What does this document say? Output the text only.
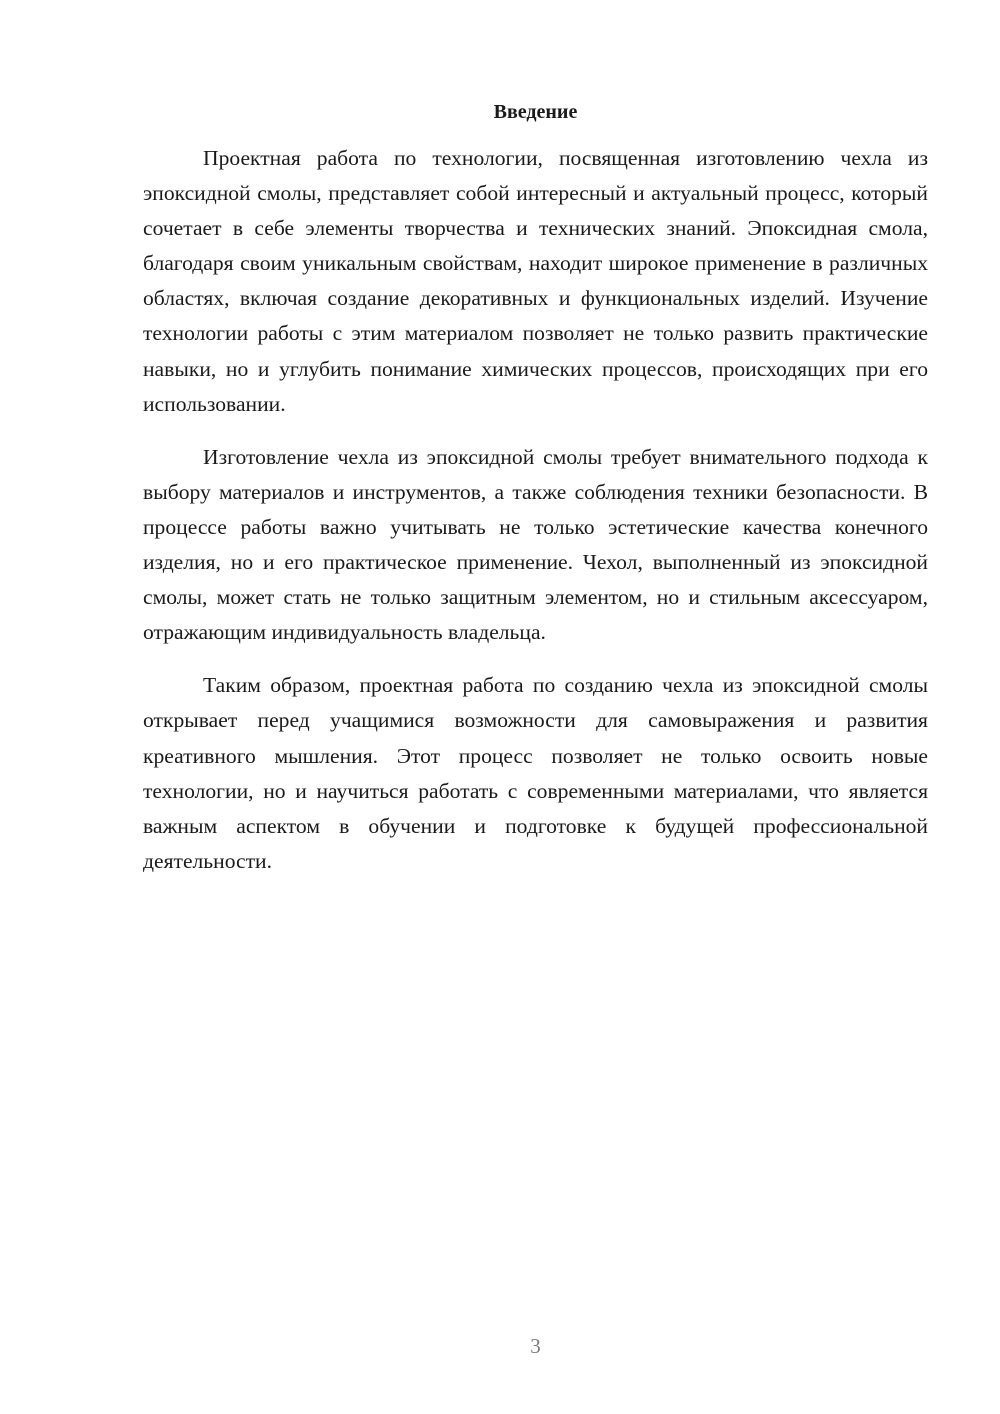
Введение

Проектная работа по технологии, посвященная изготовлению чехла из эпоксидной смолы, представляет собой интересный и актуальный процесс, который сочетает в себе элементы творчества и технических знаний. Эпоксидная смола, благодаря своим уникальным свойствам, находит широкое применение в различных областях, включая создание декоративных и функциональных изделий. Изучение технологии работы с этим материалом позволяет не только развить практические навыки, но и углубить понимание химических процессов, происходящих при его использовании.

Изготовление чехла из эпоксидной смолы требует внимательного подхода к выбору материалов и инструментов, а также соблюдения техники безопасности. В процессе работы важно учитывать не только эстетические качества конечного изделия, но и его практическое применение. Чехол, выполненный из эпоксидной смолы, может стать не только защитным элементом, но и стильным аксессуаром, отражающим индивидуальность владельца.

Таким образом, проектная работа по созданию чехла из эпоксидной смолы открывает перед учащимися возможности для самовыражения и развития креативного мышления. Этот процесс позволяет не только освоить новые технологии, но и научиться работать с современными материалами, что является важным аспектом в обучении и подготовке к будущей профессиональной деятельности.

3
